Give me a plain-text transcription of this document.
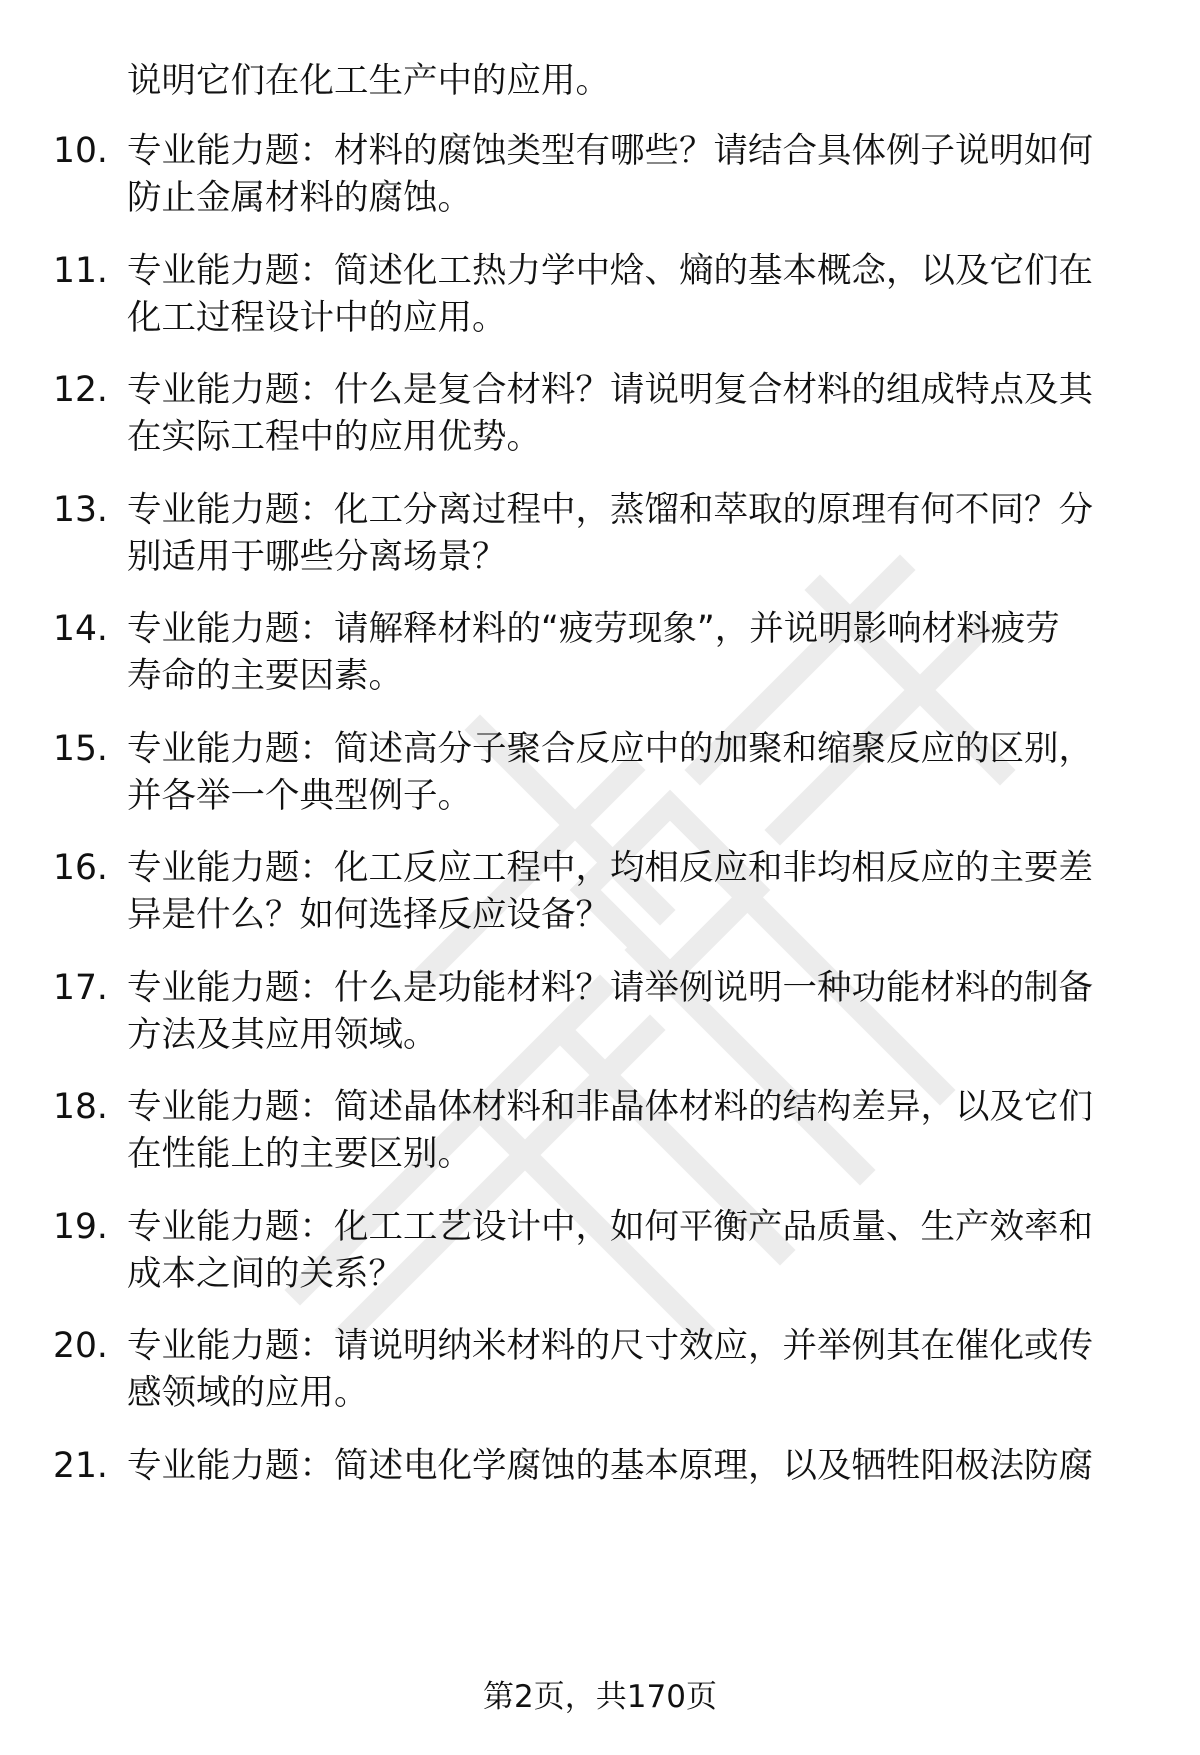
说明它们在化工生产中的应用。
10. 专业能力题：材料的腐蚀类型有哪些？请结合具体例子说明如何
防止金属材料的腐蚀。
11. 专业能力题：简述化工热力学中焓、熵的基本概念，以及它们在
化工过程设计中的应用。
12. 专业能力题：什么是复合材料？请说明复合材料的组成特点及其
在实际工程中的应用优势。
13. 专业能力题：化工分离过程中，蒸馏和萃取的原理有何不同？分
别适用于哪些分离场景？
14. 专业能力题：请解释材料的“疲劳现象”，并说明影响材料疲劳
寿命的主要因素。
15. 专业能力题：简述高分子聚合反应中的加聚和缩聚反应的区别，
并各举一个典型例子。
16. 专业能力题：化工反应工程中，均相反应和非均相反应的主要差
异是什么？如何选择反应设备？
17. 专业能力题：什么是功能材料？请举例说明一种功能材料的制备
方法及其应用领域。
18. 专业能力题：简述晶体材料和非晶体材料的结构差异，以及它们
在性能上的主要区别。
19. 专业能力题：化工工艺设计中，如何平衡产品质量、生产效率和
成本之间的关系？
20. 专业能力题：请说明纳米材料的尺寸效应，并举例其在催化或传
感领域的应用。
21. 专业能力题：简述电化学腐蚀的基本原理，以及牺牲阳极法防腐
第2页，共170页
